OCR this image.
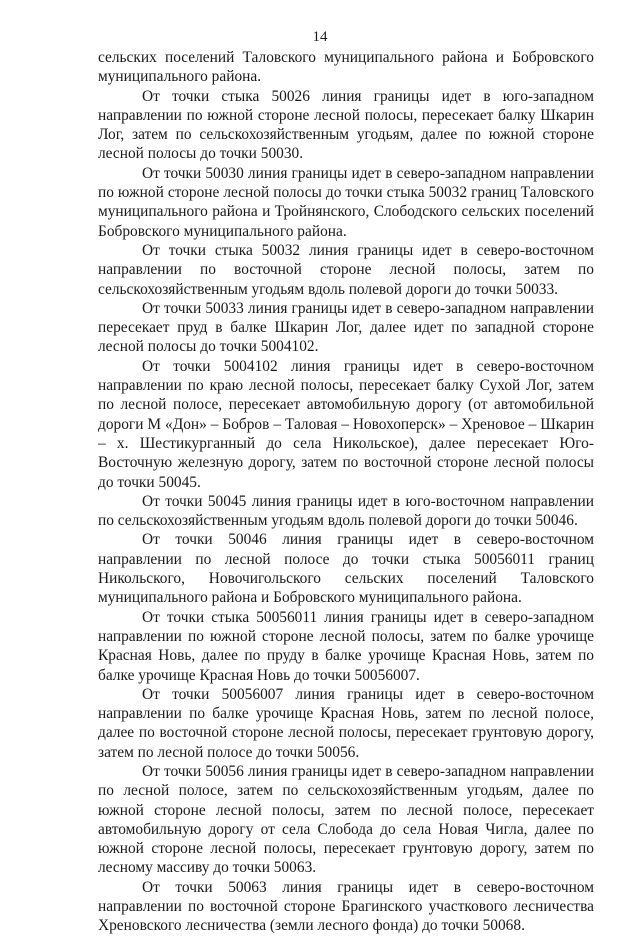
14

сельских поселений Таловского муниципального района и Бобровского муниципального района.

От точки стыка 50026 линия границы идет в юго-западном направлении по южной стороне лесной полосы, пересекает балку Шкарин Лог, затем по сельскохозяйственным угодьям, далее по южной стороне лесной полосы до точки 50030.

От точки 50030 линия границы идет в северо-западном направлении по южной стороне лесной полосы до точки стыка 50032 границ Таловского муниципального района и Тройнянского, Слободского сельских поселений Бобровского муниципального района.

От точки стыка 50032 линия границы идет в северо-восточном направлении по восточной стороне лесной полосы, затем по сельскохозяйственным угодьям вдоль полевой дороги до точки 50033.

От точки 50033 линия границы идет в северо-западном направлении пересекает пруд в балке Шкарин Лог, далее идет по западной стороне лесной полосы до точки 5004102.

От точки 5004102 линия границы идет в северо-восточном направлении по краю лесной полосы, пересекает балку Сухой Лог, затем по лесной полосе, пересекает автомобильную дорогу (от автомобильной дороги М «Дон» – Бобров – Таловая – Новохоперск» – Хреновое – Шкарин – х. Шестикурганный до села Никольское), далее пересекает Юго-Восточную железную дорогу, затем по восточной стороне лесной полосы до точки 50045.

От точки 50045 линия границы идет в юго-восточном направлении по сельскохозяйственным угодьям вдоль полевой дороги до точки 50046.

От точки 50046 линия границы идет в северо-восточном направлении по лесной полосе до точки стыка 50056011 границ Никольского, Новочигольского сельских поселений Таловского муниципального района и Бобровского муниципального района.

От точки стыка 50056011 линия границы идет в северо-западном направлении по южной стороне лесной полосы, затем по балке урочище Красная Новь, далее по пруду в балке урочище Красная Новь, затем по балке урочище Красная Новь до точки 50056007.

От точки 50056007 линия границы идет в северо-восточном направлении по балке урочище Красная Новь, затем по лесной полосе, далее по восточной стороне лесной полосы, пересекает грунтовую дорогу, затем по лесной полосе до точки 50056.

От точки 50056 линия границы идет в северо-западном направлении по лесной полосе, затем по сельскохозяйственным угодьям, далее по южной стороне лесной полосы, затем по лесной полосе, пересекает автомобильную дорогу от села Слобода до села Новая Чигла, далее по южной стороне лесной полосы, пересекает грунтовую дорогу, затем по лесному массиву до точки 50063.

От точки 50063 линия границы идет в северо-восточном направлении по восточной стороне Брагинского участкового лесничества Хреновского лесничества (земли лесного фонда) до точки 50068.
